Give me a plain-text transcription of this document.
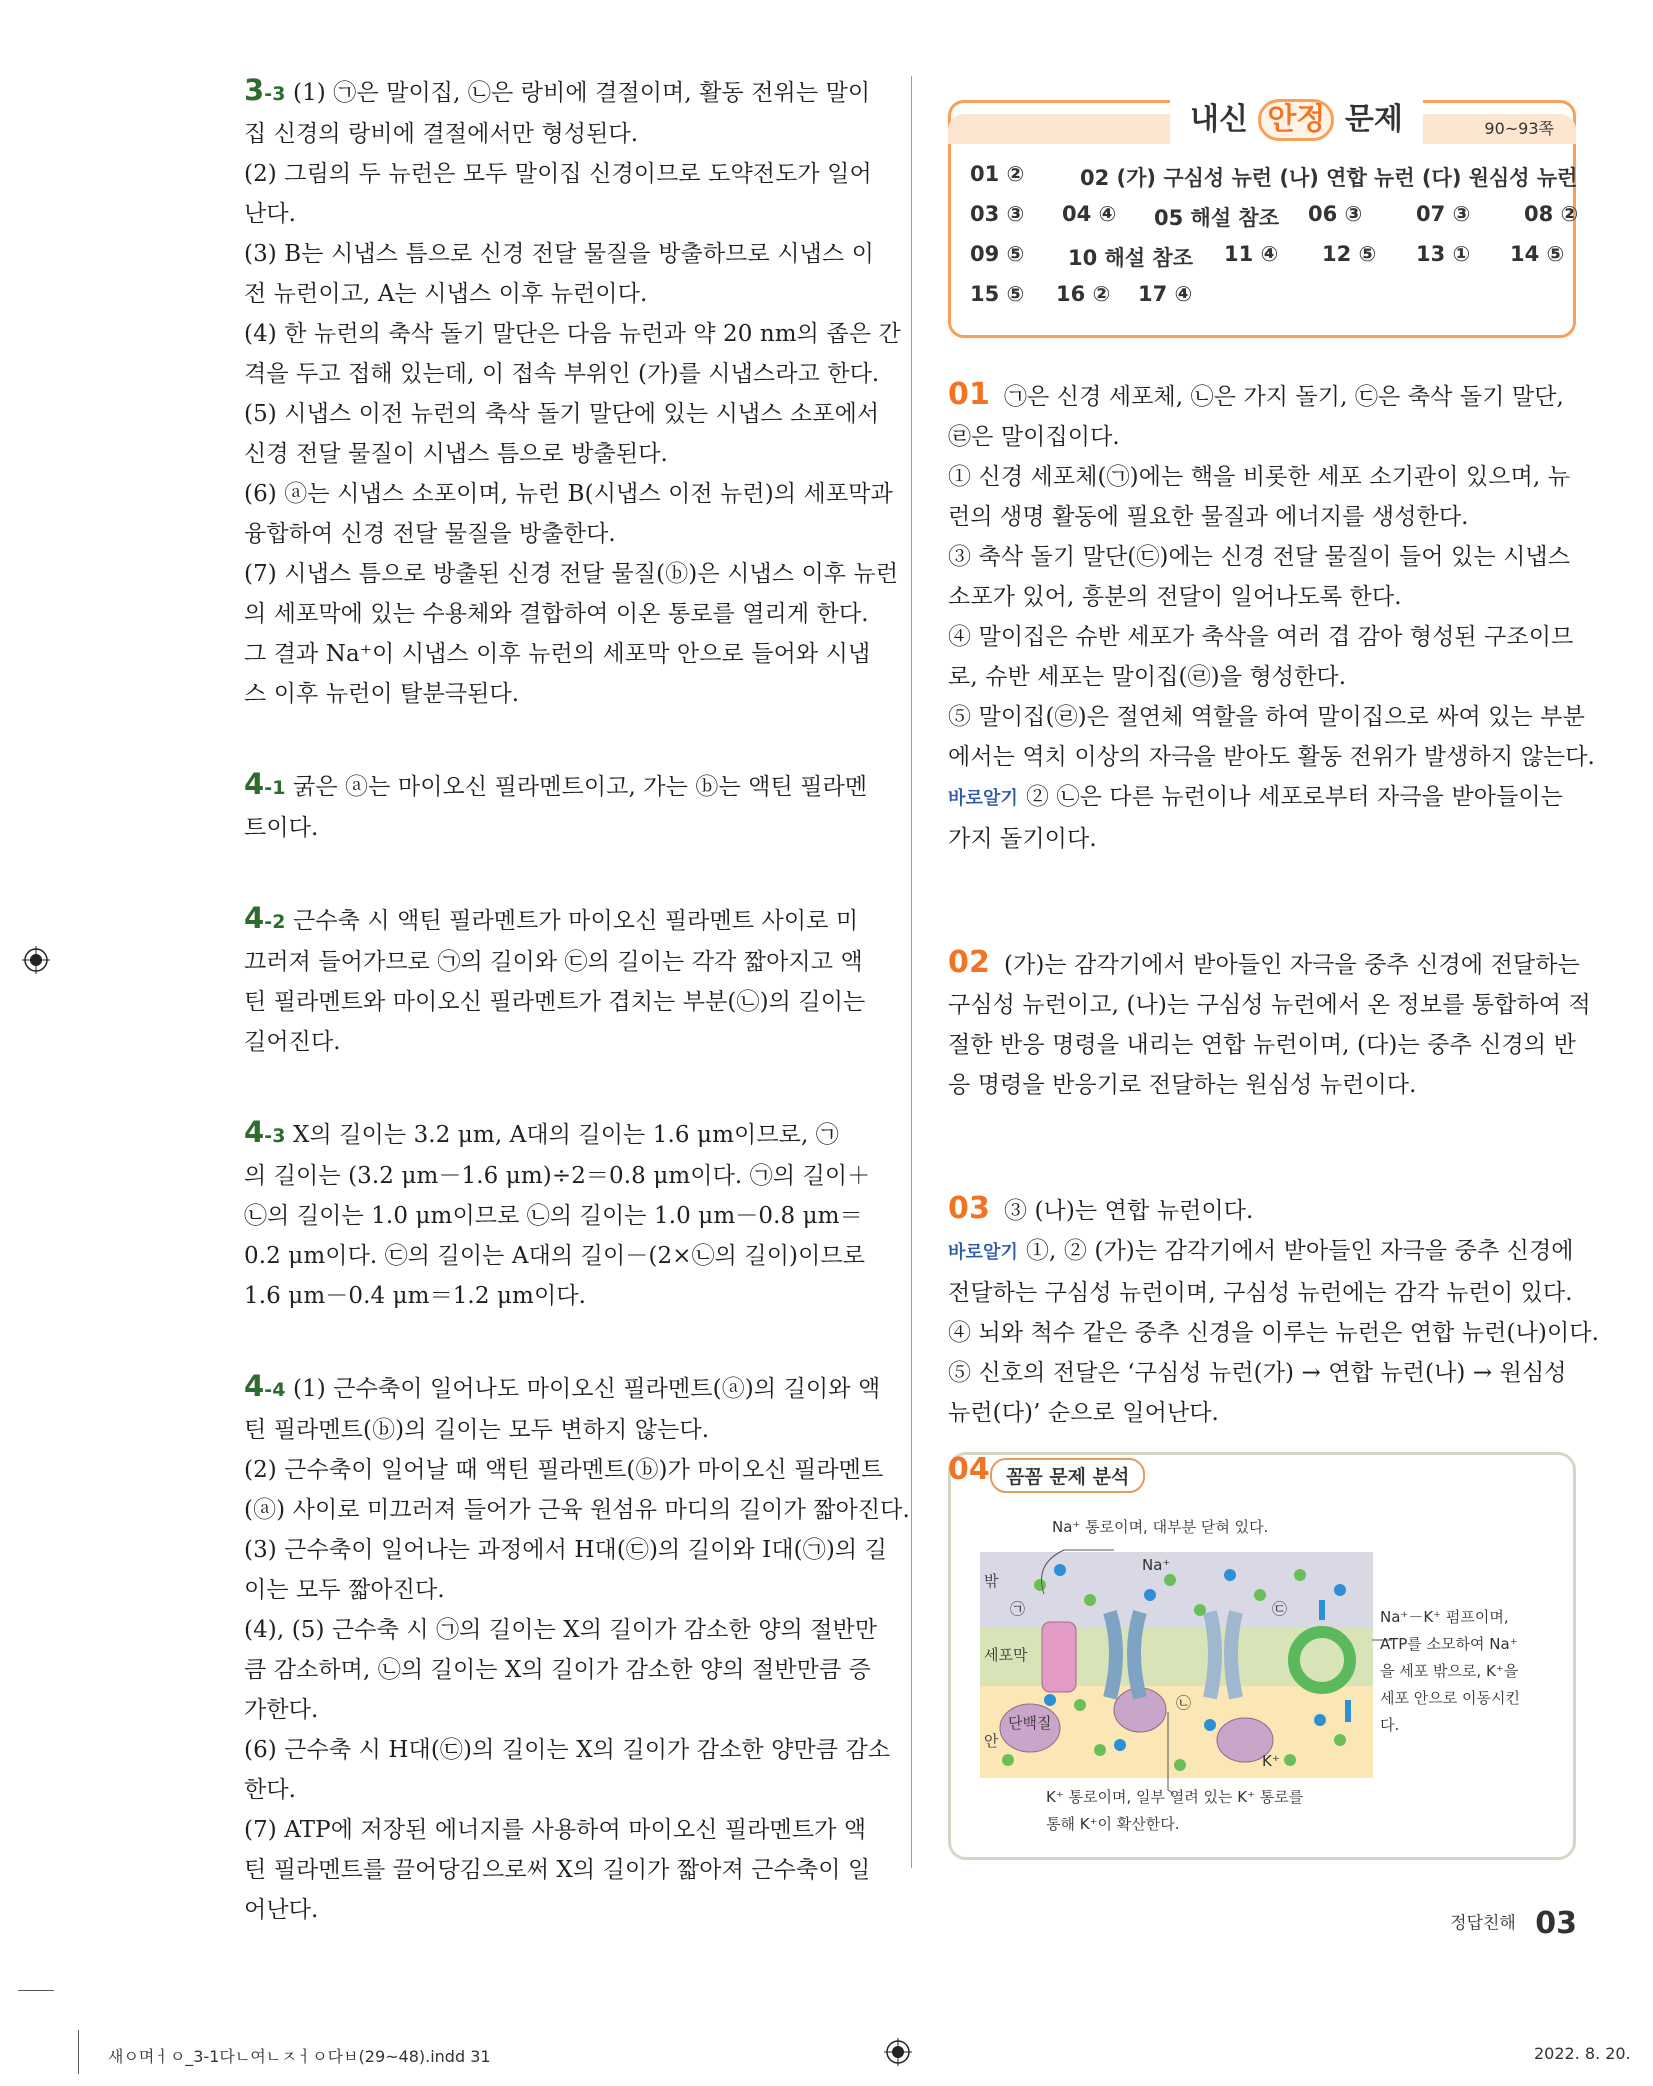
3-3 (1) ㉠은 말이집, ㉡은 랑비에 결절이며, 활동 전위는 말이

집 신경의 랑비에 결절에서만 형성된다.

(2) 그림의 두 뉴런은 모두 말이집 신경이므로 도약전도가 일어

난다.

(3) B는 시냅스 틈으로 신경 전달 물질을 방출하므로 시냅스 이

전 뉴런이고, A는 시냅스 이후 뉴런이다.

(4) 한 뉴런의 축삭 돌기 말단은 다음 뉴런과 약 20 nm의 좁은 간

격을 두고 접해 있는데, 이 접속 부위인 (가)를 시냅스라고 한다.

(5) 시냅스 이전 뉴런의 축삭 돌기 말단에 있는 시냅스 소포에서

신경 전달 물질이 시냅스 틈으로 방출된다.

(6) ⓐ는 시냅스 소포이며, 뉴런 B(시냅스 이전 뉴런)의 세포막과

융합하여 신경 전달 물질을 방출한다.

(7) 시냅스 틈으로 방출된 신경 전달 물질(ⓑ)은 시냅스 이후 뉴런

의 세포막에 있는 수용체와 결합하여 이온 통로를 열리게 한다.

그 결과 Na⁺이 시냅스 이후 뉴런의 세포막 안으로 들어와 시냅

스 이후 뉴런이 탈분극된다.

4-1 굵은 ⓐ는 마이오신 필라멘트이고, 가는 ⓑ는 액틴 필라멘

트이다.

4-2 근수축 시 액틴 필라멘트가 마이오신 필라멘트 사이로 미

끄러져 들어가므로 ㉠의 길이와 ㉢의 길이는 각각 짧아지고 액

틴 필라멘트와 마이오신 필라멘트가 겹치는 부분(㉡)의 길이는

길어진다.

4-3 X의 길이는 3.2 μm, A대의 길이는 1.6 μm이므로, ㉠

의 길이는 (3.2 μm－1.6 μm)÷2＝0.8 μm이다. ㉠의 길이＋

㉡의 길이는 1.0 μm이므로 ㉡의 길이는 1.0 μm－0.8 μm＝

0.2 μm이다. ㉢의 길이는 A대의 길이－(2×㉡의 길이)이므로

1.6 μm－0.4 μm＝1.2 μm이다.

4-4 (1) 근수축이 일어나도 마이오신 필라멘트(ⓐ)의 길이와 액

틴 필라멘트(ⓑ)의 길이는 모두 변하지 않는다.

(2) 근수축이 일어날 때 액틴 필라멘트(ⓑ)가 마이오신 필라멘트

(ⓐ) 사이로 미끄러져 들어가 근육 원섬유 마디의 길이가 짧아진다.

(3) 근수축이 일어나는 과정에서 H대(㉢)의 길이와 I대(㉠)의 길

이는 모두 짧아진다.

(4), (5) 근수축 시 ㉠의 길이는 X의 길이가 감소한 양의 절반만

큼 감소하며, ㉡의 길이는 X의 길이가 감소한 양의 절반만큼 증

가한다.

(6) 근수축 시 H대(㉢)의 길이는 X의 길이가 감소한 양만큼 감소

한다.

(7) ATP에 저장된 에너지를 사용하여 마이오신 필라멘트가 액

틴 필라멘트를 끌어당김으로써 X의 길이가 짧아져 근수축이 일

어난다.

내신 안정 문제	90~93쪽
01 ②	02 (가) 구심성 뉴런 (나) 연합 뉴런 (다) 원심성 뉴런
03 ③ 04 ④ 05 해설 참조 06 ③	07 ③	08 ②
09 ⑤ 10 해설 참조 11 ④ 12 ⑤ 13 ① 14 ⑤
15 ⑤ 16 ② 17 ④

01 ㉠은 신경 세포체, ㉡은 가지 돌기, ㉢은 축삭 돌기 말단,

㉣은 말이집이다.

① 신경 세포체(㉠)에는 핵을 비롯한 세포 소기관이 있으며, 뉴

런의 생명 활동에 필요한 물질과 에너지를 생성한다.

③ 축삭 돌기 말단(㉢)에는 신경 전달 물질이 들어 있는 시냅스

소포가 있어, 흥분의 전달이 일어나도록 한다.

④ 말이집은 슈반 세포가 축삭을 여러 겹 감아 형성된 구조이므

로, 슈반 세포는 말이집(㉣)을 형성한다.

⑤ 말이집(㉣)은 절연체 역할을 하여 말이집으로 싸여 있는 부분

에서는 역치 이상의 자극을 받아도 활동 전위가 발생하지 않는다.

바로알기 ② ㉡은 다른 뉴런이나 세포로부터 자극을 받아들이는

가지 돌기이다.

02 (가)는 감각기에서 받아들인 자극을 중추 신경에 전달하는

구심성 뉴런이고, (나)는 구심성 뉴런에서 온 정보를 통합하여 적

절한 반응 명령을 내리는 연합 뉴런이며, (다)는 중추 신경의 반

응 명령을 반응기로 전달하는 원심성 뉴런이다.

03 ③ (나)는 연합 뉴런이다.

바로알기 ①, ② (가)는 감각기에서 받아들인 자극을 중추 신경에

전달하는 구심성 뉴런이며, 구심성 뉴런에는 감각 뉴런이 있다.

④ 뇌와 척수 같은 중추 신경을 이루는 뉴런은 연합 뉴런(나)이다.

⑤ 신호의 전달은 ‘구심성 뉴런(가) → 연합 뉴런(나) → 원심성

뉴런(다)’ 순으로 일어난다.

04 꼼꼼 문제 분석
Na⁺ 통로이며, 대부분 닫혀 있다.
Na⁺
K⁺
밖
세포막
안
단백질
㉠
㉡
㉢	Na⁺－K⁺ 펌프이며,
ATP를 소모하여 Na⁺
을 세포 밖으로, K⁺을
세포 안으로 이동시킨
다.
K⁺ 통로이며, 일부 열려 있는 K⁺ 통로를
통해 K⁺이 확산한다.
정답친해 03
새ㅇ며ㅓㅇ_3-1다ㄴ여ㄴㅈㅓㅇ다ㅂ(29~48).indd 31	2022. 8. 20.
